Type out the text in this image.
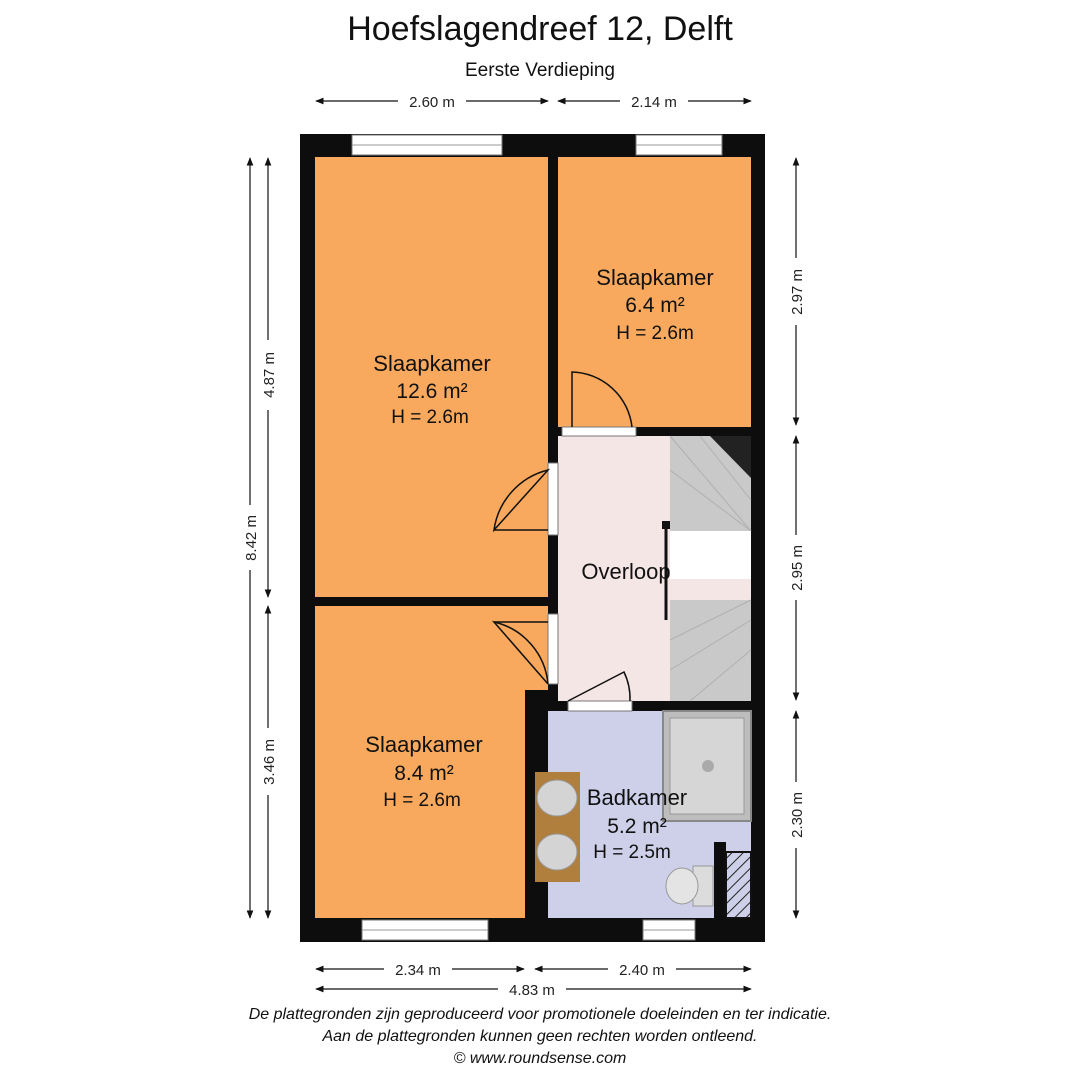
Hoefslagendreef 12, Delft
Eerste Verdieping
Slaapkamer
12.6 m²
H = 2.6m
Slaapkamer
6.4 m²
H = 2.6m
Overloop
Slaapkamer
8.4 m²
H = 2.6m	Badkamer
5.2 m²
H = 2.5m
2.60 m	2.14 m
8.42 m
4.87 m
3.46 m
2.97 m
2.95 m
2.30 m
2.34 m	2.40 m
4.83 m
De plattegronden zijn geproduceerd voor promotionele doeleinden en ter indicatie.
Aan de plattegronden kunnen geen rechten worden ontleend.
© www.roundsense.com
